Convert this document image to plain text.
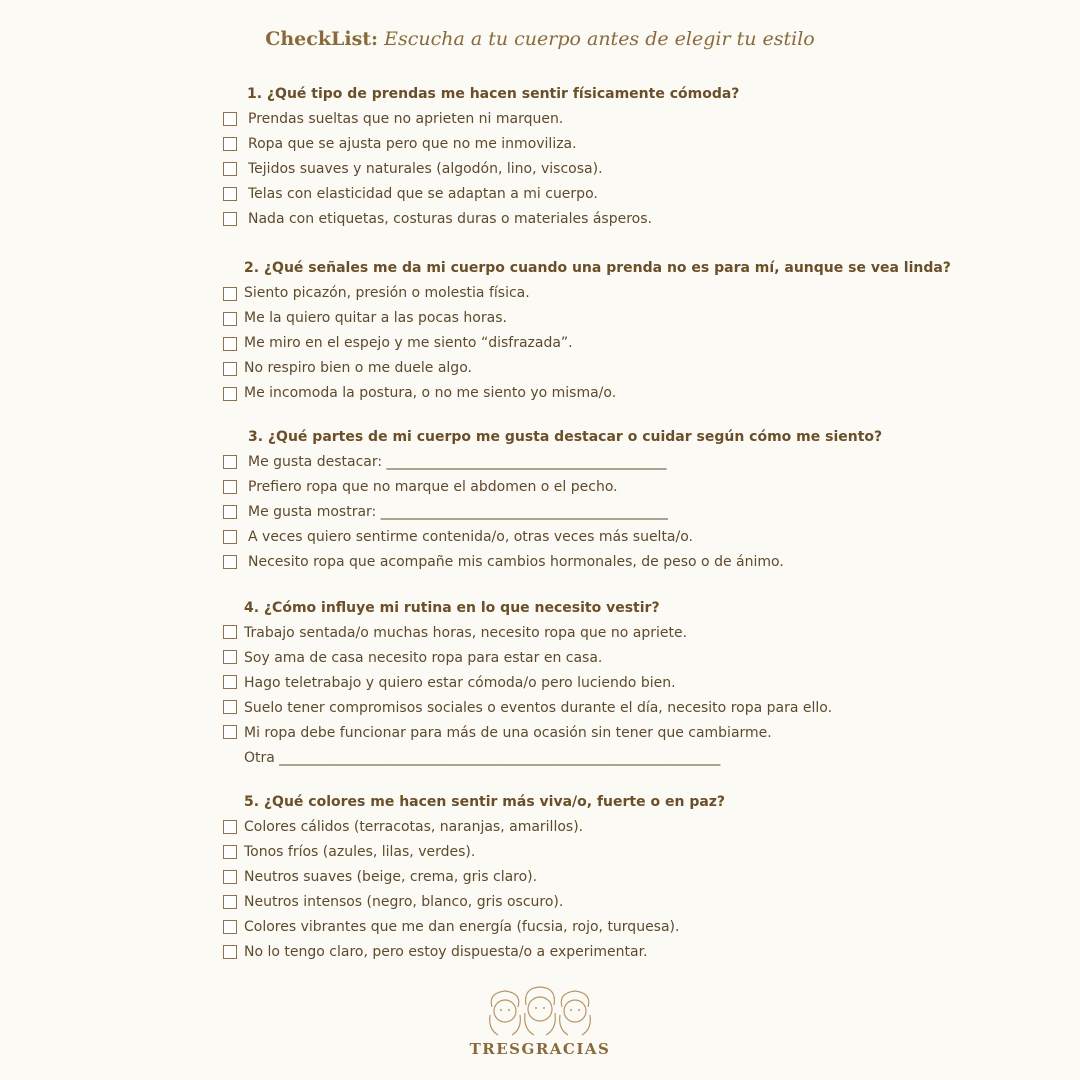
CheckList: Escucha a tu cuerpo antes de elegir tu estilo
1. ¿Qué tipo de prendas me hacen sentir físicamente cómoda?
Prendas sueltas que no aprieten ni marquen.
Ropa que se ajusta pero que no me inmoviliza.
Tejidos suaves y naturales (algodón, lino, viscosa).
Telas con elasticidad que se adaptan a mi cuerpo.
Nada con etiquetas, costuras duras o materiales ásperos.
2. ¿Qué señales me da mi cuerpo cuando una prenda no es para mí, aunque se vea linda?
Siento picazón, presión o molestia física.
Me la quiero quitar a las pocas horas.
Me miro en el espejo y me siento “disfrazada”.
No respiro bien o me duele algo.
Me incomoda la postura, o no me siento yo misma/o.
3. ¿Qué partes de mi cuerpo me gusta destacar o cuidar según cómo me siento?
Me gusta destacar: ________________________________________
Prefiero ropa que no marque el abdomen o el pecho.
Me gusta mostrar: _________________________________________
A veces quiero sentirme contenida/o, otras veces más suelta/o.
Necesito ropa que acompañe mis cambios hormonales, de peso o de ánimo.
4. ¿Cómo influye mi rutina en lo que necesito vestir?
Trabajo sentada/o muchas horas, necesito ropa que no apriete.
Soy ama de casa necesito ropa para estar en casa.
Hago teletrabajo y quiero estar cómoda/o pero luciendo bien.
Suelo tener compromisos sociales o eventos durante el día, necesito ropa para ello.
Mi ropa debe funcionar para más de una ocasión sin tener que cambiarme.
Otra _______________________________________________________________
5. ¿Qué colores me hacen sentir más viva/o, fuerte o en paz?
Colores cálidos (terracotas, naranjas, amarillos).
Tonos fríos (azules, lilas, verdes).
Neutros suaves (beige, crema, gris claro).
Neutros intensos (negro, blanco, gris oscuro).
Colores vibrantes que me dan energía (fucsia, rojo, turquesa).
No lo tengo claro, pero estoy dispuesta/o a experimentar.
TRESGRACIAS
